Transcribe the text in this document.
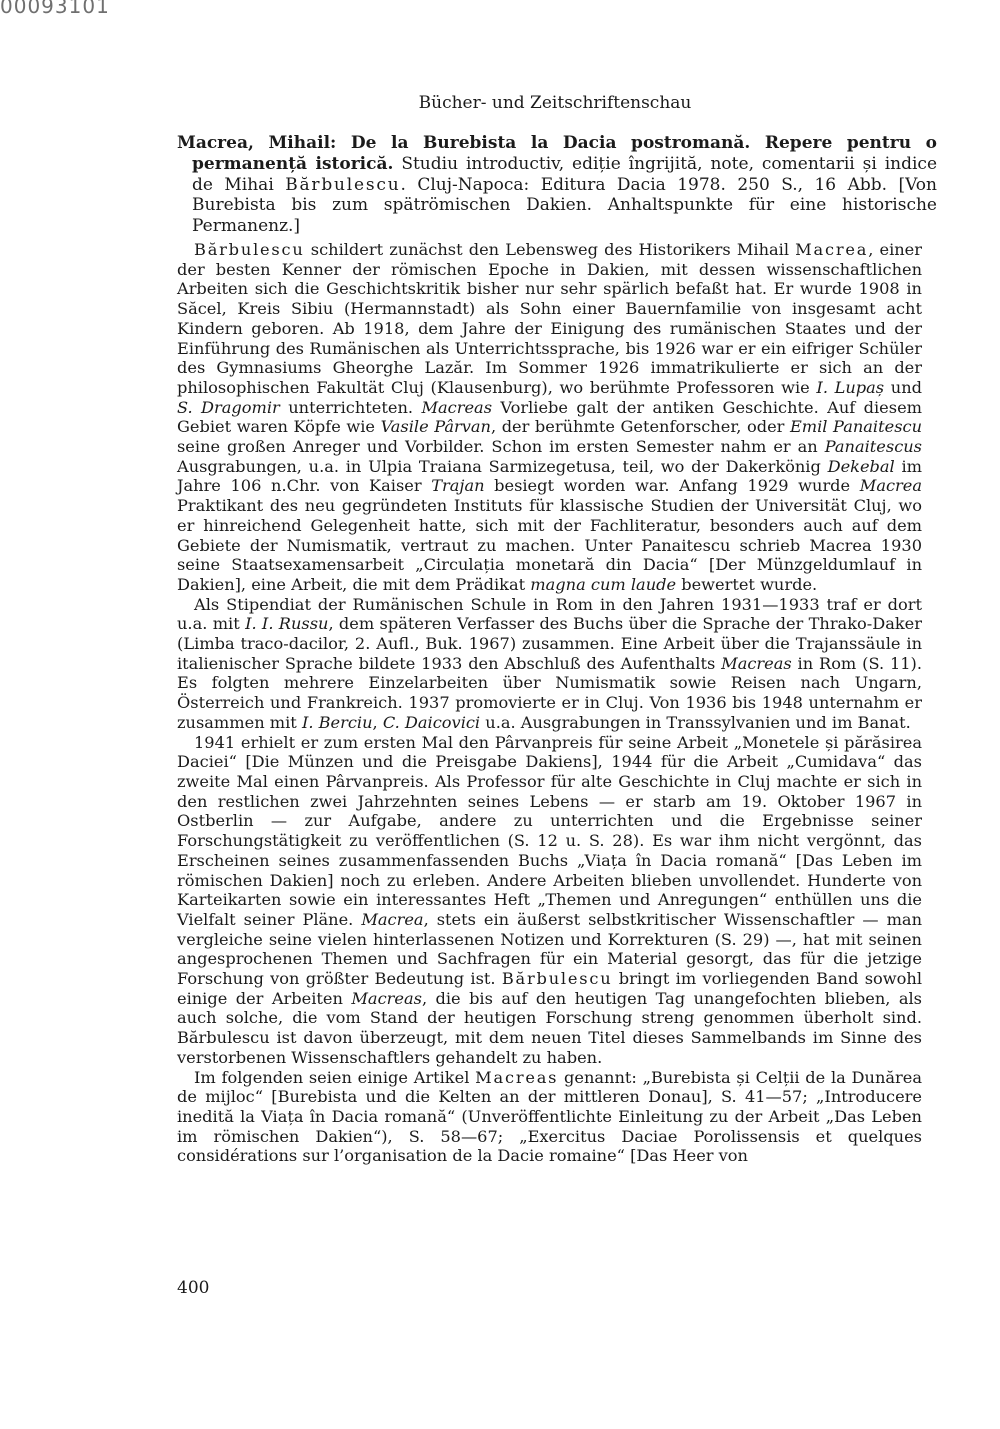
00093101
Bücher- und Zeitschriftenschau

Macrea, Mihail: De la Burebista la Dacia postromană. Repere pentru o permanență istorică. Studiu introductiv, ediție îngrijită, note, comentarii și indice de Mihai Bărbulescu. Cluj-Napoca: Editura Dacia 1978. 250 S., 16 Abb. [Von Burebista bis zum spätrömischen Dakien. Anhaltspunkte für eine historische Permanenz.]

Bărbulescu schildert zunächst den Lebensweg des Historikers Mihail Macrea, einer der besten Kenner der römischen Epoche in Dakien, mit dessen wissenschaftlichen Arbeiten sich die Geschichtskritik bisher nur sehr spärlich befaßt hat. Er wurde 1908 in Săcel, Kreis Sibiu (Hermannstadt) als Sohn einer Bauernfamilie von insgesamt acht Kindern geboren. Ab 1918, dem Jahre der Einigung des rumänischen Staates und der Einführung des Rumänischen als Unterrichtssprache, bis 1926 war er ein eifriger Schüler des Gymnasiums Gheorghe Lazăr. Im Sommer 1926 immatrikulierte er sich an der philosophischen Fakultät Cluj (Klausenburg), wo berühmte Professoren wie I. Lupaș und S. Dragomir unterrichteten. Macreas Vorliebe galt der antiken Geschichte. Auf diesem Gebiet waren Köpfe wie Vasile Pârvan, der berühmte Getenforscher, oder Emil Panaitescu seine großen Anreger und Vorbilder. Schon im ersten Semester nahm er an Panaitescus Ausgrabungen, u.a. in Ulpia Traiana Sarmizegetusa, teil, wo der Dakerkönig Dekebal im Jahre 106 n.Chr. von Kaiser Trajan besiegt worden war. Anfang 1929 wurde Macrea Praktikant des neu gegründeten Instituts für klassische Studien der Universität Cluj, wo er hinreichend Gelegenheit hatte, sich mit der Fachliteratur, besonders auch auf dem Gebiete der Numismatik, vertraut zu machen. Unter Panaitescu schrieb Macrea 1930 seine Staatsexamensarbeit „Circulația monetară din Dacia“ [Der Münzgeldumlauf in Dakien], eine Arbeit, die mit dem Prädikat magna cum laude bewertet wurde.

Als Stipendiat der Rumänischen Schule in Rom in den Jahren 1931—1933 traf er dort u.a. mit I. I. Russu, dem späteren Verfasser des Buchs über die Sprache der Thrako-Daker (Limba traco-dacilor, 2. Aufl., Buk. 1967) zusammen. Eine Arbeit über die Trajanssäule in italienischer Sprache bildete 1933 den Abschluß des Aufenthalts Macreas in Rom (S. 11). Es folgten mehrere Einzelarbeiten über Numismatik sowie Reisen nach Ungarn, Österreich und Frankreich. 1937 promovierte er in Cluj. Von 1936 bis 1948 unternahm er zusammen mit I. Berciu, C. Daicovici u.a. Ausgrabungen in Transsylvanien und im Banat.

1941 erhielt er zum ersten Mal den Pârvanpreis für seine Arbeit „Monetele și părăsirea Daciei“ [Die Münzen und die Preisgabe Dakiens], 1944 für die Arbeit „Cumidava“ das zweite Mal einen Pârvanpreis. Als Professor für alte Geschichte in Cluj machte er sich in den restlichen zwei Jahrzehnten seines Lebens — er starb am 19. Oktober 1967 in Ostberlin — zur Aufgabe, andere zu unterrichten und die Ergebnisse seiner Forschungstätigkeit zu veröffentlichen (S. 12 u. S. 28). Es war ihm nicht vergönnt, das Erscheinen seines zusammenfassenden Buchs „Viața în Dacia romană“ [Das Leben im römischen Dakien] noch zu erleben. Andere Arbeiten blieben unvollendet. Hunderte von Karteikarten sowie ein interessantes Heft „Themen und Anregungen“ enthüllen uns die Vielfalt seiner Pläne. Macrea, stets ein äußerst selbstkritischer Wissenschaftler — man vergleiche seine vielen hinterlassenen Notizen und Korrekturen (S. 29) —, hat mit seinen angesprochenen Themen und Sachfragen für ein Material gesorgt, das für die jetzige Forschung von größter Bedeutung ist. Bărbulescu bringt im vorliegenden Band sowohl einige der Arbeiten Macreas, die bis auf den heutigen Tag unangefochten blieben, als auch solche, die vom Stand der heutigen Forschung streng genommen überholt sind. Bărbulescu ist davon überzeugt, mit dem neuen Titel dieses Sammelbands im Sinne des verstorbenen Wissenschaftlers gehandelt zu haben.

Im folgenden seien einige Artikel Macreas genannt: „Burebista și Celții de la Dunărea de mijloc“ [Burebista und die Kelten an der mittleren Donau], S. 41—57; „Introducere inedită la Viața în Dacia romană“ (Unveröffentlichte Einleitung zu der Arbeit „Das Leben im römischen Dakien“), S. 58—67; „Exercitus Daciae Porolissensis et quelques considérations sur l’organisation de la Dacie romaine“ [Das Heer von

400
